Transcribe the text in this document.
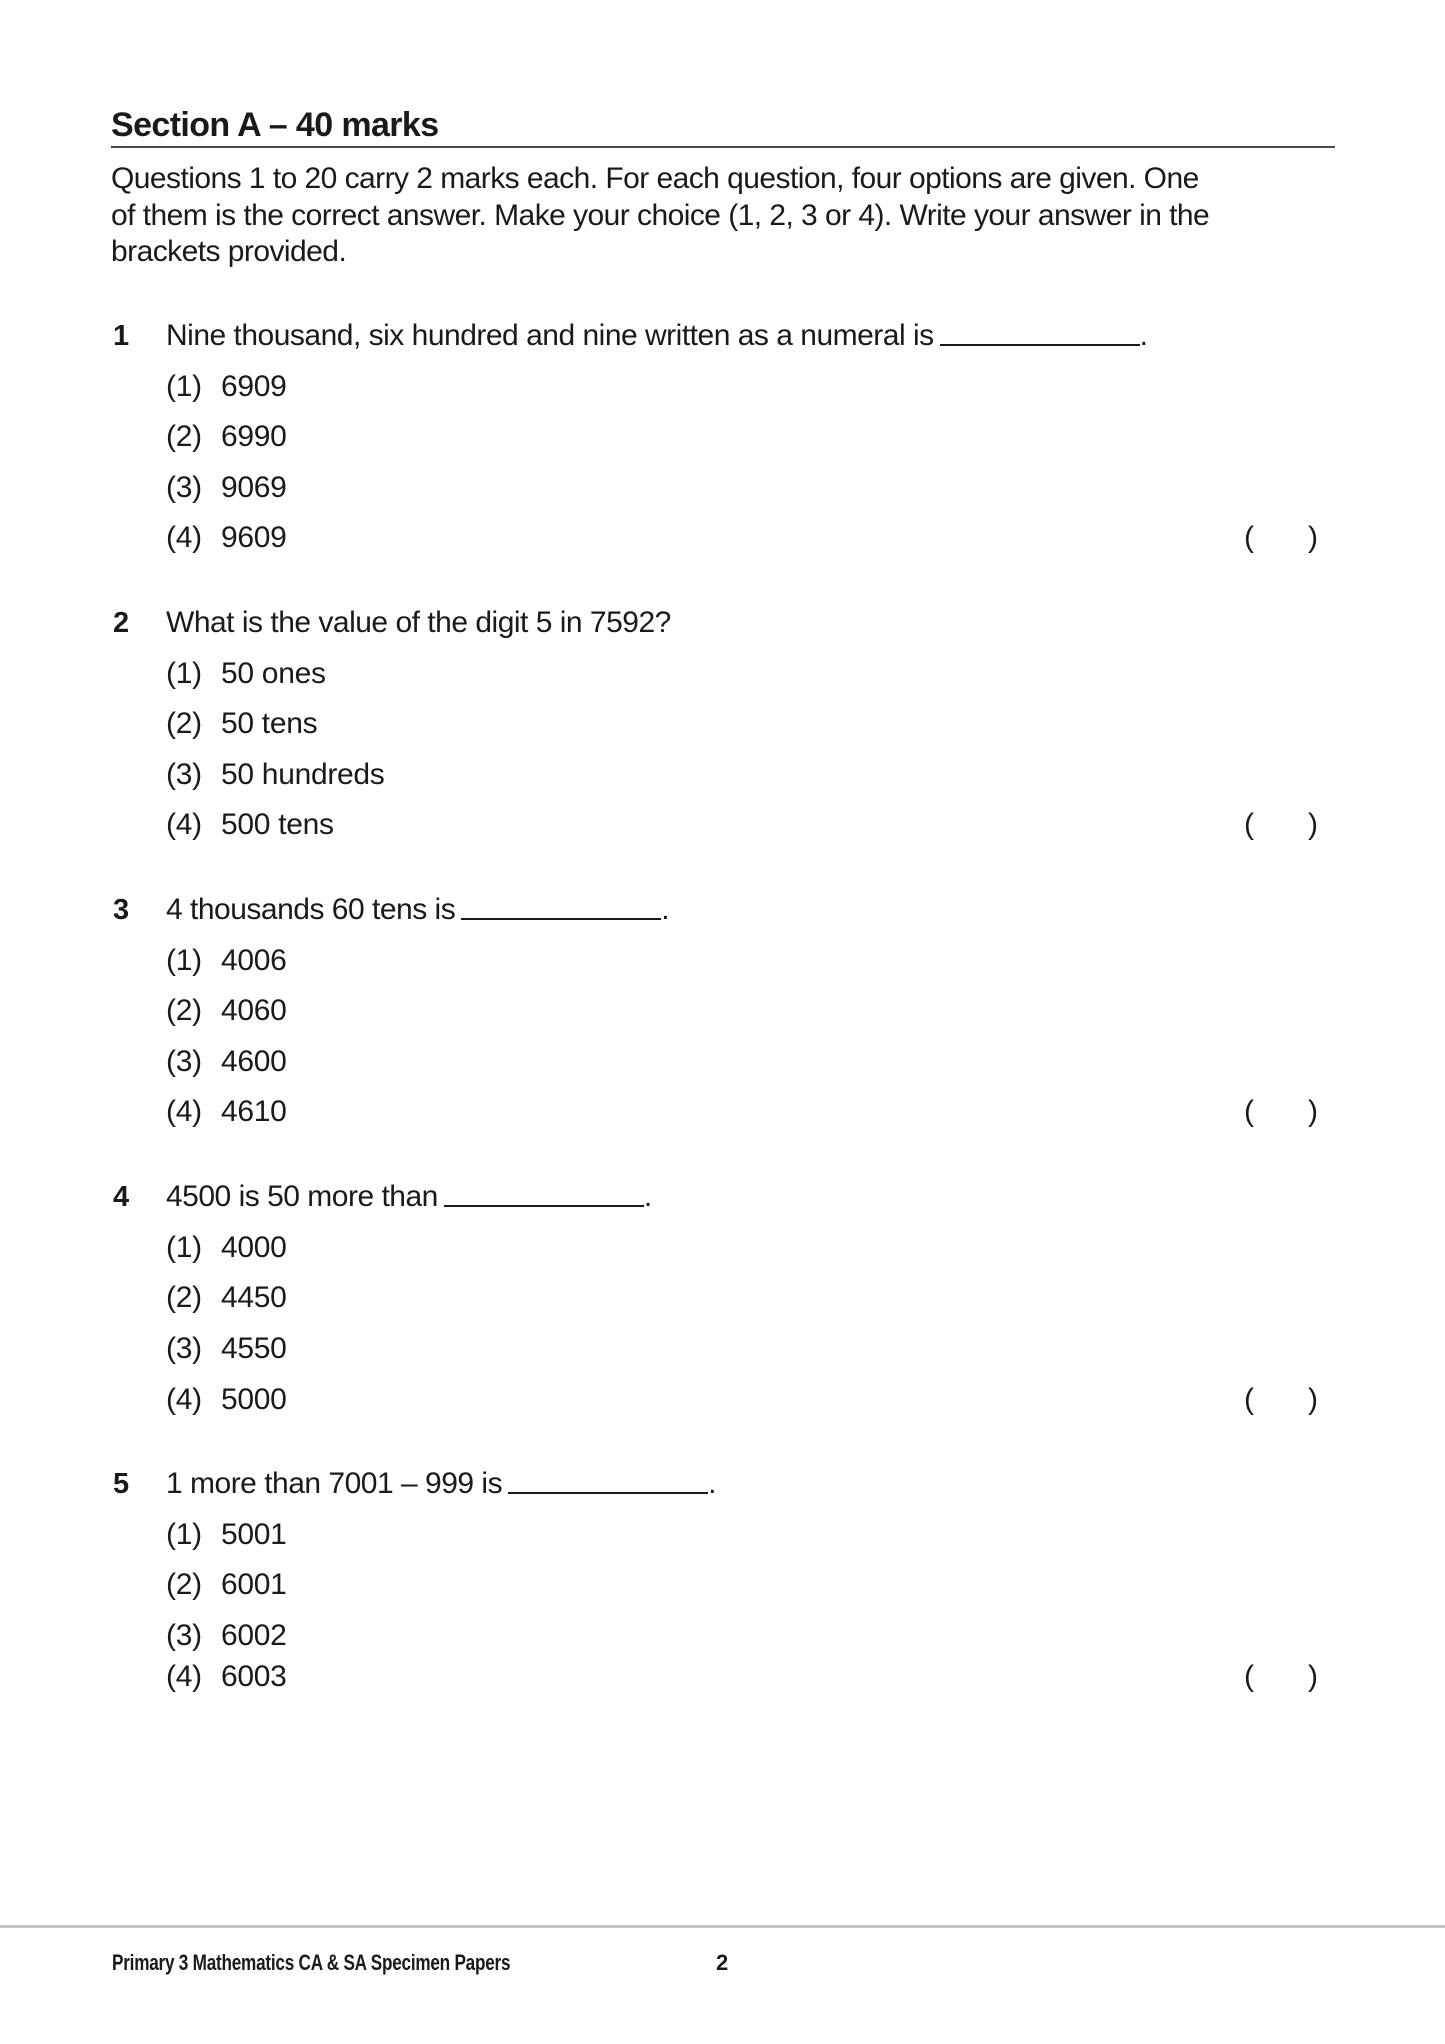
Section A – 40 marks
Questions 1 to 20 carry 2 marks each. For each question, four options are given. One
of them is the correct answer. Make your choice (1, 2, 3 or 4). Write your answer in the
brackets provided.
1 Nine thousand, six hundred and nine written as a numeral is	.
(1) 6909
(2) 6990
(3) 9069
(4) 9609	( )
2 What is the value of the digit 5 in 7592?
(1) 50 ones
(2) 50 tens
(3) 50 hundreds
(4) 500 tens	( )
3 4 thousands 60 tens is	.
(1) 4006
(2) 4060
(3) 4600
(4) 4610	( )
4 4500 is 50 more than	.
(1) 4000
(2) 4450
(3) 4550
(4) 5000	( )
5 1 more than 7001 – 999 is	.
(1) 5001
(2) 6001
(3) 6002
(4) 6003	( )
Primary 3 Mathematics CA & SA Specimen Papers	2
